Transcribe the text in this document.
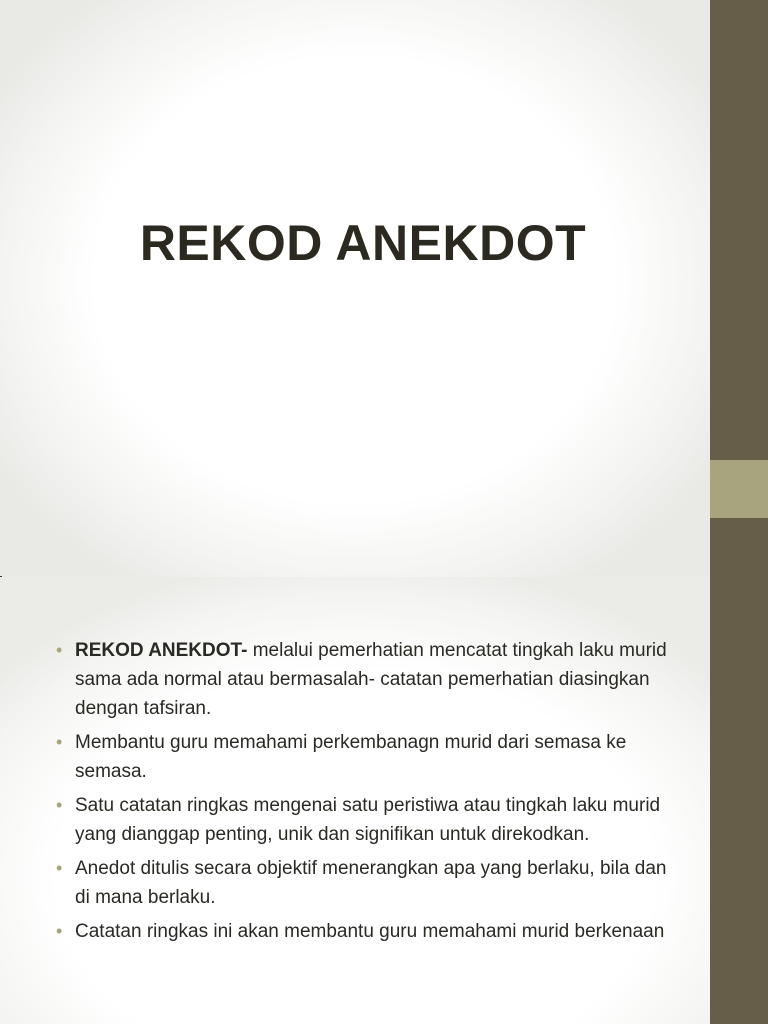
REKOD ANEKDOT
• REKOD ANEKDOT- melalui pemerhatian mencatat tingkah laku murid sama ada normal atau bermasalah- catatan pemerhatian diasingkan dengan tafsiran.
• Membantu guru memahami perkembanagn murid dari semasa ke semasa.
• Satu catatan ringkas mengenai satu peristiwa atau tingkah laku murid yang dianggap penting, unik dan signifikan untuk direkodkan.
• Anedot ditulis secara objektif menerangkan apa yang berlaku, bila dan di mana berlaku.
• Catatan ringkas ini akan membantu guru memahami murid berkenaan
